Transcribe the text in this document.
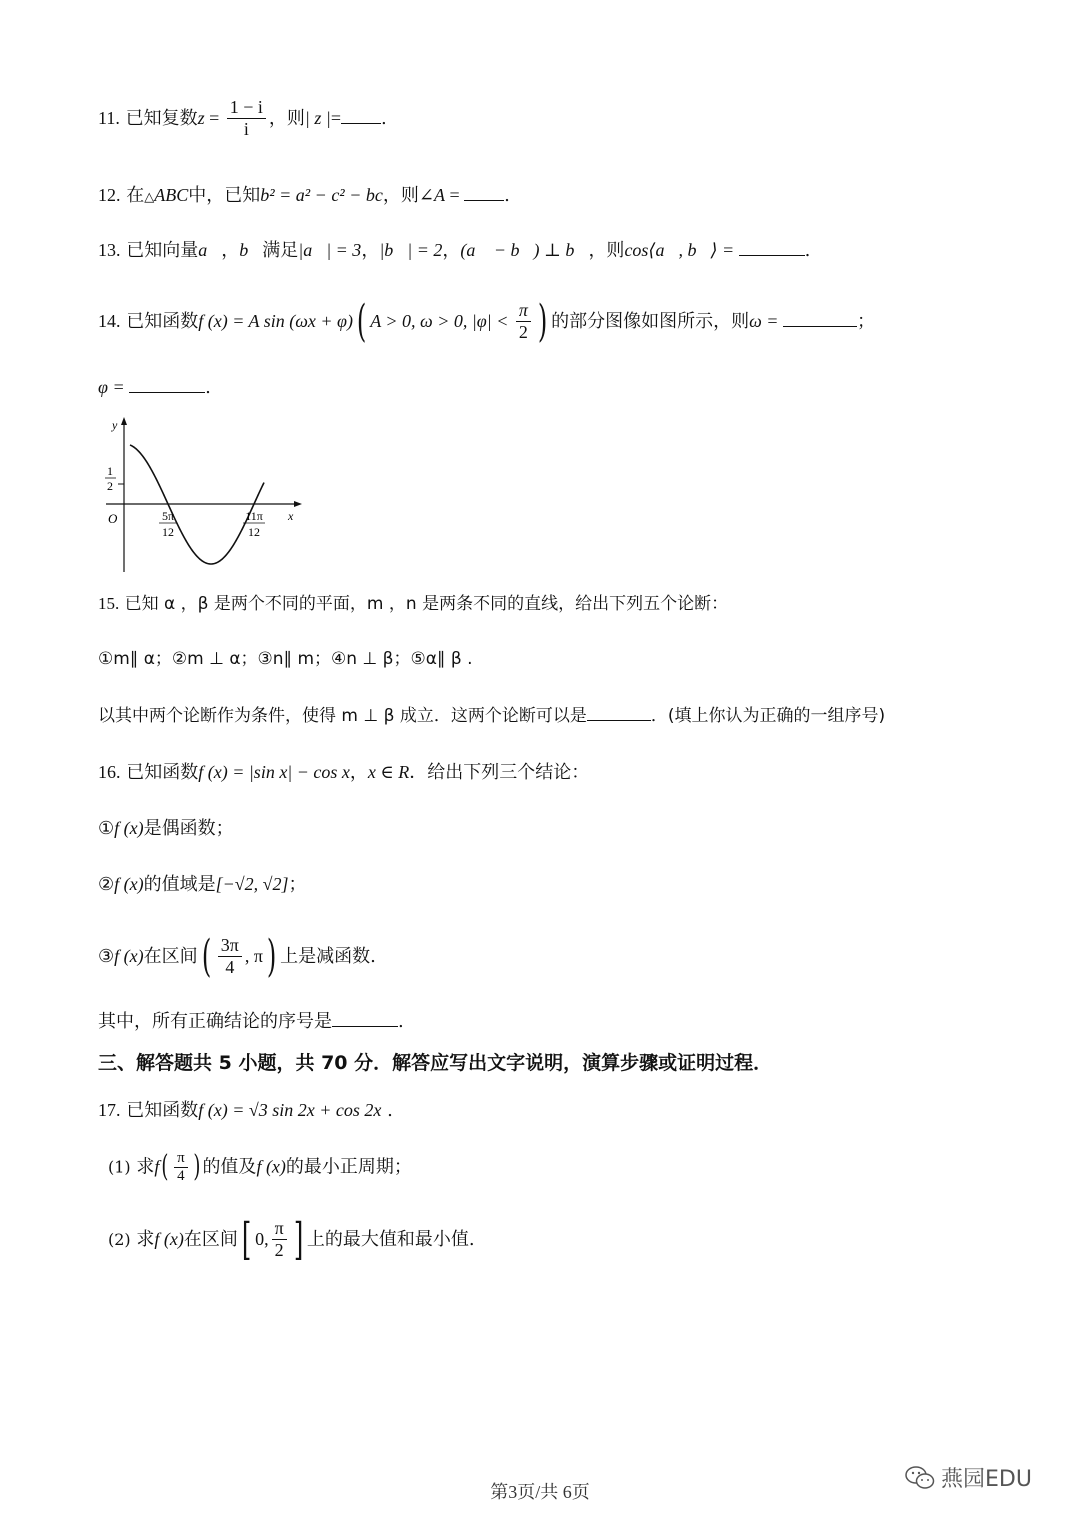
11. 已知复数$z = \frac{1 - i}{i}$ ，则| z |= .
12. 在△ABC中，已知b² = a² − c² − bc，则∠A = .
13. 已知向量a⃗，b⃗满足|a⃗| = 3，|b⃗| = 2，(a⃗ − b⃗) ⊥ b⃗，则cos⟨a⃗, b⃗⟩ =	.
14. 已知函数f (x) = A sin (ωx + φ)( A > 0, ω > 0, $|\varphi| < \frac{\pi}{2}$ ) 的部分图像如图所示，则ω =	；
φ =	.
y
x
O
1
2
5π
12
11π
12
15. 已知 α ，β 是两个不同的平面，m ，n 是两条不同的直线，给出下列五个论断：
①m∥ α；②m ⊥ α；③n∥ m；④n ⊥ β；⑤α∥ β .
以其中两个论断作为条件，使得 m ⊥ β 成立．这两个论断可以是	．(填上你认为正确的一组序号)
16. 已知函数f (x) = |sin x| − cos x，x ∈ R．给出下列三个结论：
①f (x)是偶函数；
②f (x)的值域是[−√2, √2]；
③f (x)在区间( $\frac{3\pi}{4}$ , π) 上是减函数.
其中，所有正确结论的序号是	.
三、解答题共 5 小题，共 70 分．解答应写出文字说明，演算步骤或证明过程．
17. 已知函数f (x) = √3 sin 2x + cos 2x .
(1) 求$f( \frac{\pi}{4}$ ) 的值及f (x)的最小正周期；
(2) 求f (x)在区间[ 0, $\frac{\pi}{2}$ ] 上的最大值和最小值.
第3页/共 6页	燕园EDU
